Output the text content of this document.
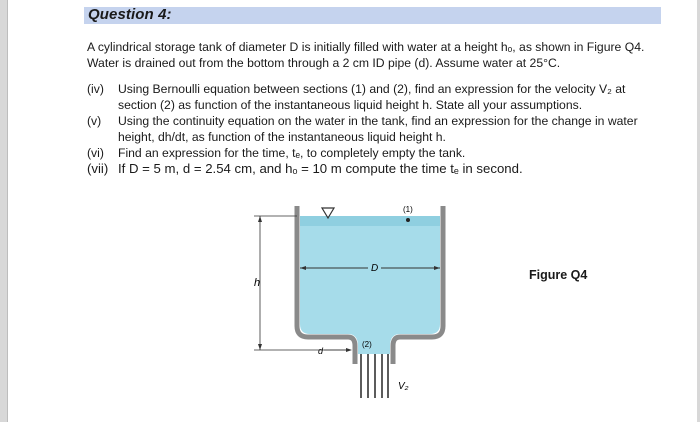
Question 4:

A cylindrical storage tank of diameter D is initially filled with water at a height hₒ, as shown in Figure Q4.

Water is drained out from the bottom through a 2 cm ID pipe (d). Assume water at 25°C.

(iv) Using Bernoulli equation between sections (1) and (2), find an expression for the velocity V₂ at

section (2) as function of the instantaneous liquid height h. State all your assumptions.

(v) Using the continuity equation on the water in the tank, find an expression for the change in water

height, dh/dt, as function of the instantaneous liquid height h.

(vi) Find an expression for the time, tₑ, to completely empty the tank.

(vii) If D = 5 m, d = 2.54 cm, and hₒ = 10 m compute the time tₑ in second.

(1)
D
h
d
(2)
V₂
Figure Q4
